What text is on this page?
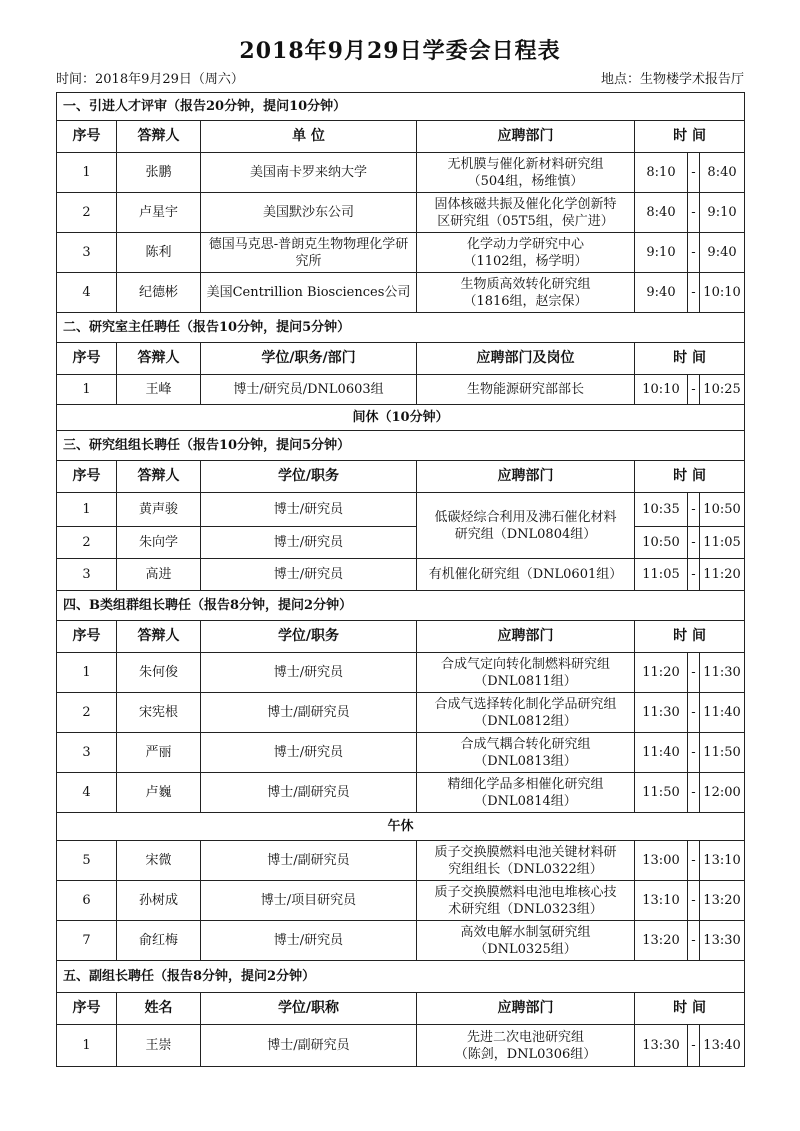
2018年9月29日学委会日程表
时间：2018年9月29日（周六）	地点：生物楼学术报告厅
一、引进人才评审（报告20分钟，提问10分钟）						
序号	答辩人	单 位	应聘部门	时 间		
1	张鹏	美国南卡罗来纳大学	无机膜与催化新材料研究组
（504组，杨维慎）	8:10	-	8:40
2	卢星宇	美国默沙东公司	固体核磁共振及催化化学创新特
区研究组（05T5组，侯广进）	8:40	-	9:10
3	陈利	德国马克思-普朗克生物物理化学研究所	化学动力学研究中心
（1102组，杨学明）	9:10	-	9:40
4	纪德彬	美国Centrillion Biosciences公司	生物质高效转化研究组
（1816组，赵宗保）	9:40	-	10:10
二、研究室主任聘任（报告10分钟，提问5分钟）						
序号	答辩人	学位/职务/部门	应聘部门及岗位	时 间		
1	王峰	博士/研究员/DNL0603组	生物能源研究部部长	10:10	-	10:25
间休（10分钟）						
三、研究组组长聘任（报告10分钟，提问5分钟）						
序号	答辩人	学位/职务	应聘部门	时 间		
1	黄声骏	博士/研究员	低碳烃综合利用及沸石催化材料
研究组（DNL0804组）	10:35	-	10:50
2	朱向学	博士/研究员		10:50	-	11:05
3	高进	博士/研究员	有机催化研究组（DNL0601组）	11:05	-	11:20
四、B类组群组长聘任（报告8分钟，提问2分钟）						
序号	答辩人	学位/职务	应聘部门	时 间		
1	朱何俊	博士/研究员	合成气定向转化制燃料研究组
（DNL0811组）	11:20	-	11:30
2	宋宪根	博士/副研究员	合成气选择转化制化学品研究组
（DNL0812组）	11:30	-	11:40
3	严丽	博士/研究员	合成气耦合转化研究组
（DNL0813组）	11:40	-	11:50
4	卢巍	博士/副研究员	精细化学品多相催化研究组
（DNL0814组）	11:50	-	12:00
午休						
5	宋微	博士/副研究员	质子交换膜燃料电池关键材料研
究组组长（DNL0322组）	13:00	-	13:10
6	孙树成	博士/项目研究员	质子交换膜燃料电池电堆核心技
术研究组（DNL0323组）	13:10	-	13:20
7	俞红梅	博士/研究员	高效电解水制氢研究组
（DNL0325组）	13:20	-	13:30
五、副组长聘任（报告8分钟，提问2分钟）						
序号	姓名	学位/职称	应聘部门	时 间		
1	王崇	博士/副研究员	先进二次电池研究组
（陈剑，DNL0306组）	13:30	-	13:40
